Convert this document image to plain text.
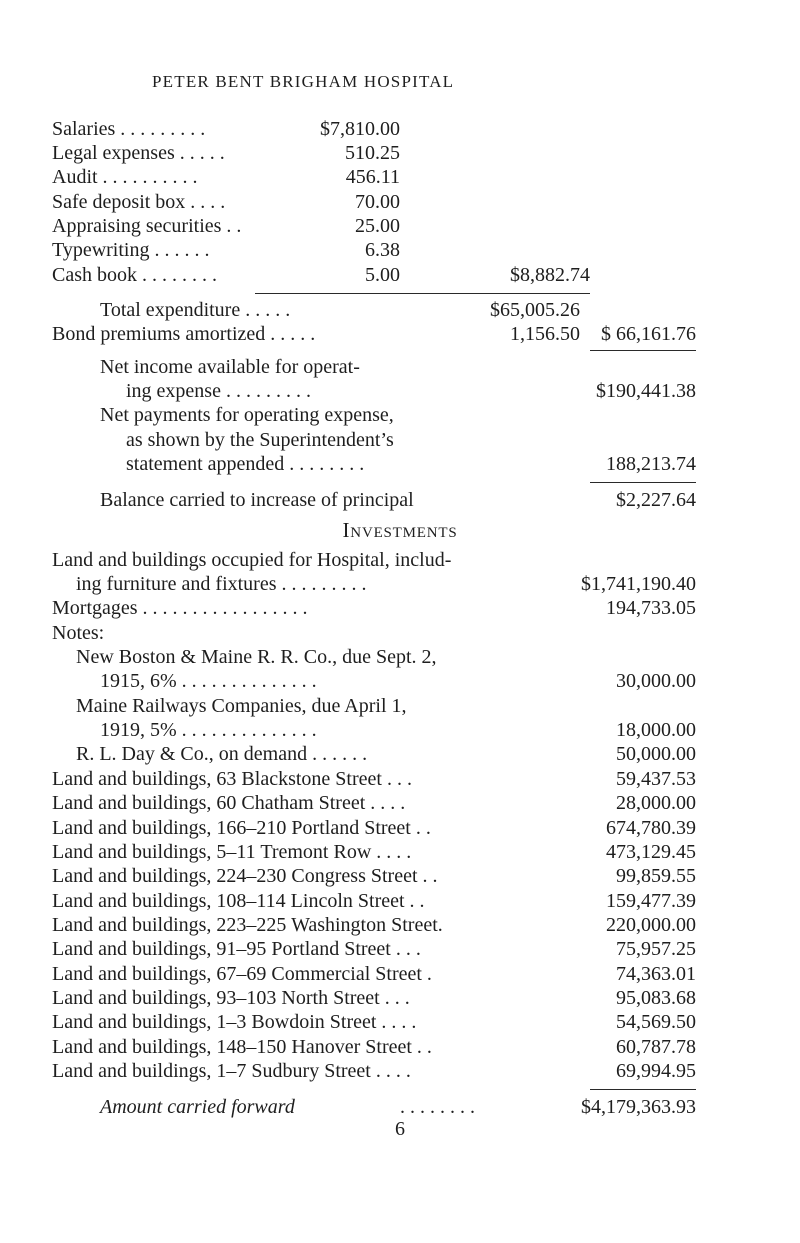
PETER BENT BRIGHAM HOSPITAL
Salaries . . . . . . . . .	$7,810.00
Legal expenses . . . . .	510.25
Audit . . . . . . . . . .	456.11
Safe deposit box . . . .	70.00
Appraising securities . .	25.00
Typewriting . . . . . .	6.38
Cash book . . . . . . . .	5.00	$8,882.74
Total expenditure . . . . .	$65,005.26
Bond premiums amortized . . . . .	1,156.50	$ 66,161.76
Net income available for operat-
ing expense . . . . . . . . .	$190,441.38
Net payments for operating expense,
as shown by the Superintendent’s
statement appended . . . . . . . .	188,213.74
Balance carried to increase of principal	$2,227.64
Investments
Land and buildings occupied for Hospital, includ-
ing furniture and fixtures . . . . . . . . .	$1,741,190.40
Mortgages . . . . . . . . . . . . . . . . .	194,733.05
Notes:
New Boston & Maine R. R. Co., due Sept. 2,
1915, 6% . . . . . . . . . . . . . .	30,000.00
Maine Railways Companies, due April 1,
1919, 5% . . . . . . . . . . . . . .	18,000.00
R. L. Day & Co., on demand . . . . . .	50,000.00
Land and buildings, 63 Blackstone Street . . .	59,437.53
Land and buildings, 60 Chatham Street . . . .	28,000.00
Land and buildings, 166–210 Portland Street . .	674,780.39
Land and buildings, 5–11 Tremont Row . . . .	473,129.45
Land and buildings, 224–230 Congress Street . .	99,859.55
Land and buildings, 108–114 Lincoln Street . .	159,477.39
Land and buildings, 223–225 Washington Street.	220,000.00
Land and buildings, 91–95 Portland Street . . .	75,957.25
Land and buildings, 67–69 Commercial Street .	74,363.01
Land and buildings, 93–103 North Street . . .	95,083.68
Land and buildings, 1–3 Bowdoin Street . . . .	54,569.50
Land and buildings, 148–150 Hanover Street . .	60,787.78
Land and buildings, 1–7 Sudbury Street . . . .	69,994.95
Amount carried forward	. . . . . . . .	$4,179,363.93
6
